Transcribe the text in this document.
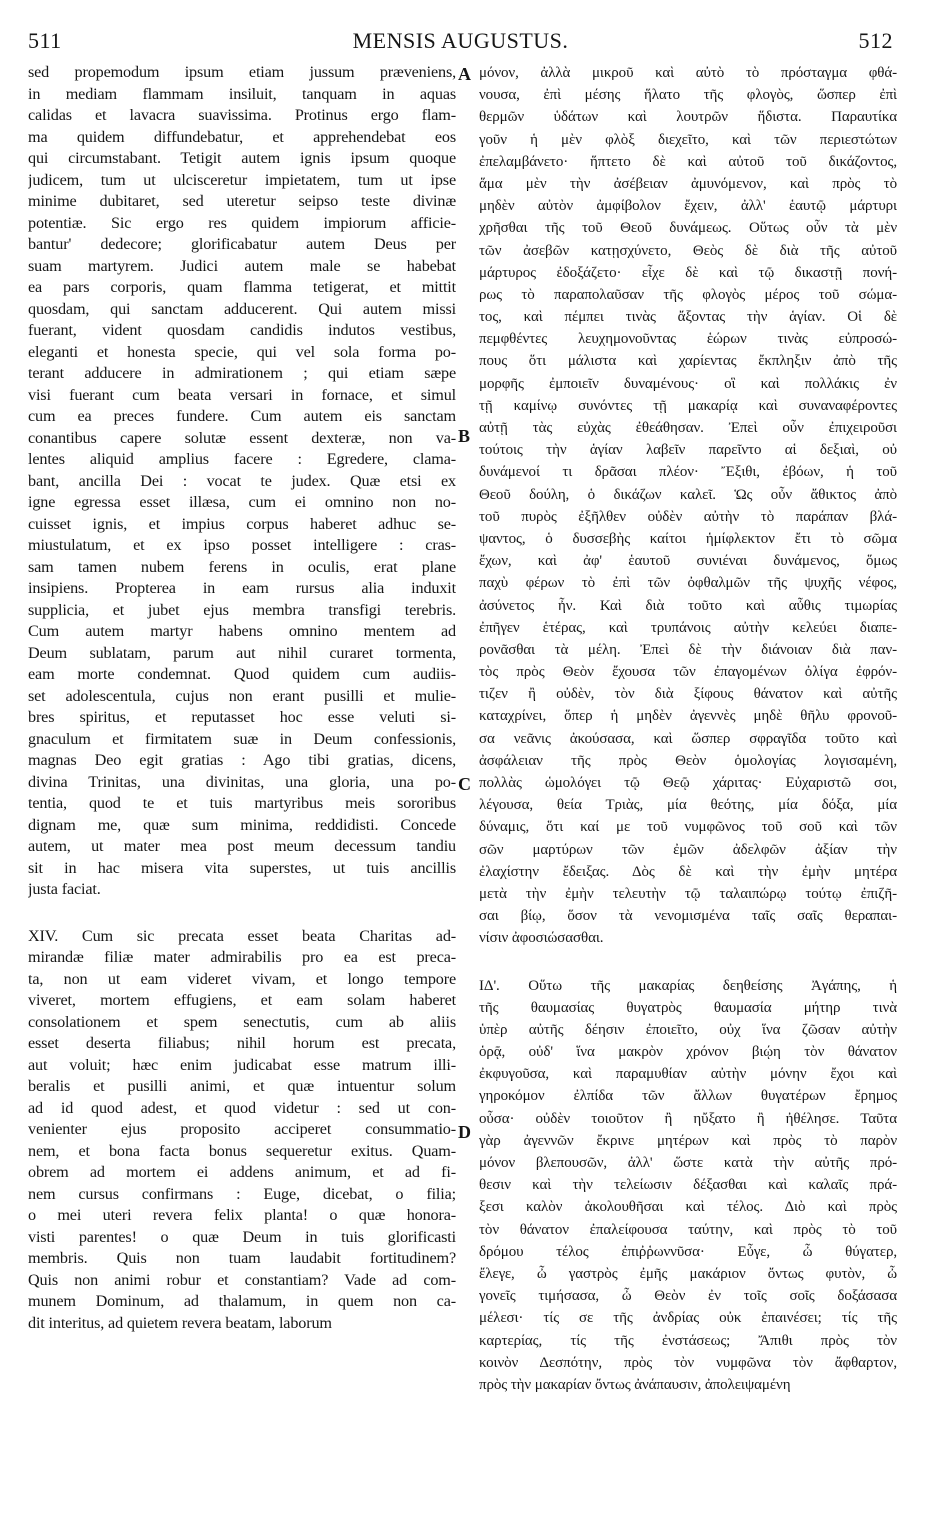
511	MENSIS AUGUSTUS.	512
sed propemodum ipsum etiam jussum præveniens,
in mediam flammam insiluit, tanquam in aquas
calidas et lavacra suavissima. Protinus ergo flam-
ma quidem diffundebatur, et apprehendebat eos
qui circumstabant. Tetigit autem ignis ipsum quoque
judicem, tum ut ulcisceretur impietatem, tum ut ipse
minime dubitaret, sed uteretur seipso teste divinæ
potentiæ. Sic ergo res quidem impiorum afficie-
bantur' dedecore; glorificabatur autem Deus per
suam martyrem. Judici autem male se habebat
ea pars corporis, quam flamma tetigerat, et mittit
quosdam, qui sanctam adducerent. Qui autem missi
fuerant, vident quosdam candidis indutos vestibus,
eleganti et honesta specie, qui vel sola forma po-
terant adducere in admirationem ; qui etiam sæpe
visi fuerant cum beata versari in fornace, et simul
cum ea preces fundere. Cum autem eis sanctam
conantibus capere solutæ essent dexteræ, non va-
lentes aliquid amplius facere : Egredere, clama-
bant, ancilla Dei : vocat te judex. Quæ etsi ex
igne egressa esset illæsa, cum ei omnino non no-
cuisset ignis, et impius corpus haberet adhuc se-
miustulatum, et ex ipso posset intelligere : cras-
sam tamen nubem ferens in oculis, erat plane
insipiens. Propterea in eam rursus alia induxit
supplicia, et jubet ejus membra transfigi terebris.
Cum autem martyr habens omnino mentem ad
Deum sublatam, parum aut nihil curaret tormenta,
eam morte condemnat. Quod quidem cum audiis-
set adolescentula, cujus non erant pusilli et mulie-
bres spiritus, et reputasset hoc esse veluti si-
gnaculum et firmitatem suæ in Deum confessionis,
magnas Deo egit gratias : Ago tibi gratias, dicens,
divina Trinitas, una divinitas, una gloria, una po-
tentia, quod te et tuis martyribus meis sororibus
dignam me, quæ sum minima, reddidisti. Concede
autem, ut mater mea post meum decessum tandiu
sit in hac misera vita superstes, ut tuis ancillis
justa faciat.
XIV. Cum sic precata esset beata Charitas ad-
mirandæ filiæ mater admirabilis pro ea est preca-
ta, non ut eam videret vivam, et longo tempore
viveret, mortem effugiens, et eam solam haberet
consolationem et spem senectutis, cum ab aliis
esset deserta filiabus; nihil horum est precata,
aut voluit; hæc enim judicabat esse matrum illi-
beralis et pusilli animi, et quæ intuentur solum
ad id quod adest, et quod videtur : sed ut con-
venienter ejus proposito acciperet consummatio-
nem, et bona facta bonus sequeretur exitus. Quam-
obrem ad mortem ei addens animum, et ad fi-
nem cursus confirmans : Euge, dicebat, o filia;
o mei uteri revera felix planta! o quæ honora-
visti parentes! o quæ Deum in tuis glorificasti
membris. Quis non tuam laudabit fortitudinem?
Quis non animi robur et constantiam? Vade ad com-
munem Dominum, ad thalamum, in quem non ca-
dit interitus, ad quietem revera beatam, laborum
μόνον, ἀλλὰ μικροῦ καὶ αὐτὸ τὸ πρόσταγμα φθά-
νουσα, ἐπὶ μέσης ἥλατο τῆς φλογὸς, ὥσπερ ἐπὶ
θερμῶν ὑδάτων καὶ λουτρῶν ἥδιστα. Παραυτίκα
γοῦν ἡ μὲν φλὸξ διεχεῖτο, καὶ τῶν περιεστώτων
ἐπελαμβάνετο· ἥπτετο δὲ καὶ αὐτοῦ τοῦ δικάζοντος,
ἅμα μὲν τὴν ἀσέβειαν ἀμυνόμενον, καὶ πρὸς τὸ
μηδὲν αὐτὸν ἀμφίβολον ἔχειν, ἀλλ' ἑαυτῷ μάρτυρι
χρῆσθαι τῆς τοῦ Θεοῦ δυνάμεως. Οὕτως οὖν τὰ μὲν
τῶν ἀσεβῶν κατῃσχύνετο, Θεὸς δὲ διὰ τῆς αὐτοῦ
μάρτυρος ἐδοξάζετο· εἶχε δὲ καὶ τῷ δικαστῇ πονή-
ρως τὸ παραπολαῦσαν τῆς φλογὸς μέρος τοῦ σώμα-
τος, καὶ πέμπει τινὰς ἄξοντας τὴν ἁγίαν. Οἱ δὲ
πεμφθέντες λευχημονοῦντας ἑώρων τινὰς εὐπροσώ-
πους ὅτι μάλιστα καὶ χαρίεντας ἔκπληξιν ἀπὸ τῆς
μορφῆς ἐμποιεῖν δυναμένους· οἳ καὶ πολλάκις ἐν
τῇ καμίνῳ συνόντες τῇ μακαρίᾳ καὶ συναναφέροντες
αὐτῇ τὰς εὐχὰς ἐθεάθησαν. Ἐπεὶ οὖν ἐπιχειροῦσι
τούτοις τὴν ἁγίαν λαβεῖν παρεῖντο αἱ δεξιαὶ, οὐ
δυνάμενοί τι δρᾶσαι πλέον· Ἔξιθι, ἐβόων, ἡ τοῦ
Θεοῦ δούλη, ὁ δικάζων καλεῖ. Ὡς οὖν ἄθικτος ἀπὸ
τοῦ πυρὸς ἐξῆλθεν οὐδὲν αὐτὴν τὸ παράπαν βλά-
ψαντος, ὁ δυσσεβὴς καίτοι ἡμίφλεκτον ἔτι τὸ σῶμα
ἔχων, καὶ ἀφ' ἑαυτοῦ συνιέναι δυνάμενος, ὅμως
παχὺ φέρων τὸ ἐπὶ τῶν ὀφθαλμῶν τῆς ψυχῆς νέφος,
ἀσύνετος ἦν. Καὶ διὰ τοῦτο καὶ αὖθις τιμωρίας
ἐπῆγεν ἑτέρας, καὶ τρυπάνοις αὐτὴν κελεύει διαπε-
ρονᾶσθαι τὰ μέλη. Ἐπεὶ δὲ τὴν διάνοιαν διὰ παν-
τὸς πρὸς Θεὸν ἔχουσα τῶν ἐπαγομένων ὀλίγα ἐφρόν-
τιζεν ἢ οὐδὲν, τὸν διὰ ξίφους θάνατον καὶ αὐτῆς
καταχρίνει, ὅπερ ἡ μηδὲν ἀγεννὲς μηδὲ θῆλυ φρονοῦ-
σα νεᾶνις ἀκούσασα, καὶ ὥσπερ σφραγῖδα τοῦτο καὶ
ἀσφάλειαν τῆς πρὸς Θεὸν ὁμολογίας λογισαμένη,
πολλὰς ὡμολόγει τῷ Θεῷ χάριτας· Εὐχαριστῶ σοι,
λέγουσα, θεία Τριὰς, μία θεότης, μία δόξα, μία
δύναμις, ὅτι καί με τοῦ νυμφῶνος τοῦ σοῦ καὶ τῶν
σῶν μαρτύρων τῶν ἐμῶν ἀδελφῶν ἀξίαν τὴν
ἐλαχίστην ἔδειξας. Δὸς δὲ καὶ τὴν ἐμὴν μητέρα
μετὰ τὴν ἐμὴν τελευτὴν τῷ ταλαιπώρῳ τούτῳ ἐπιζῆ-
σαι βίῳ, ὅσον τὰ νενομισμένα ταῖς σαῖς θεραπαι-
νίσιν ἀφοσιώσασθαι.
ΙΔ'. Οὕτω τῆς μακαρίας δεηθείσης Ἀγάπης, ἡ
τῆς θαυμασίας θυγατρὸς θαυμασία μήτηρ τινὰ
ὑπὲρ αὐτῆς δέησιν ἐποιεῖτο, οὐχ ἵνα ζῶσαν αὐτὴν
ὁρᾷ, οὐδ' ἵνα μακρὸν χρόνον βιῴη τὸν θάνατον
ἐκφυγοῦσα, καὶ παραμυθίαν αὐτὴν μόνην ἔχοι καὶ
γηροκόμον ἐλπίδα τῶν ἄλλων θυγατέρων ἔρημος
οὖσα· οὐδὲν τοιοῦτον ἢ ηὔξατο ἢ ἠθέλησε. Ταῦτα
γὰρ ἀγεννῶν ἔκρινε μητέρων καὶ πρὸς τὸ παρὸν
μόνον βλεπουσῶν, ἀλλ' ὥστε κατὰ τὴν αὐτῆς πρό-
θεσιν καὶ τὴν τελείωσιν δέξασθαι καὶ καλαῖς πρά-
ξεσι καλὸν ἀκολουθῆσαι καὶ τέλος. Διὸ καὶ πρὸς
τὸν θάνατον ἐπαλείφουσα ταύτην, καὶ πρὸς τὸ τοῦ
δρόμου τέλος ἐπιῤῥωννῦσα· Εὖγε, ὦ θύγατερ,
ἔλεγε, ὦ γαστρὸς ἐμῆς μακάριον ὄντως φυτὸν, ὦ
γονεῖς τιμήσασα, ὦ Θεὸν ἐν τοῖς σοῖς δοξάσασα
μέλεσι· τίς σε τῆς ἀνδρίας οὐκ ἐπαινέσει; τίς τῆς
καρτερίας, τίς τῆς ἐνστάσεως; Ἄπιθι πρὸς τὸν
κοινὸν Δεσπότην, πρὸς τὸν νυμφῶνα τὸν ἄφθαρτον,
πρὸς τὴν μακαρίαν ὄντως ἀνάπαυσιν, ἀπολειψαμένη
A
B
C
D
